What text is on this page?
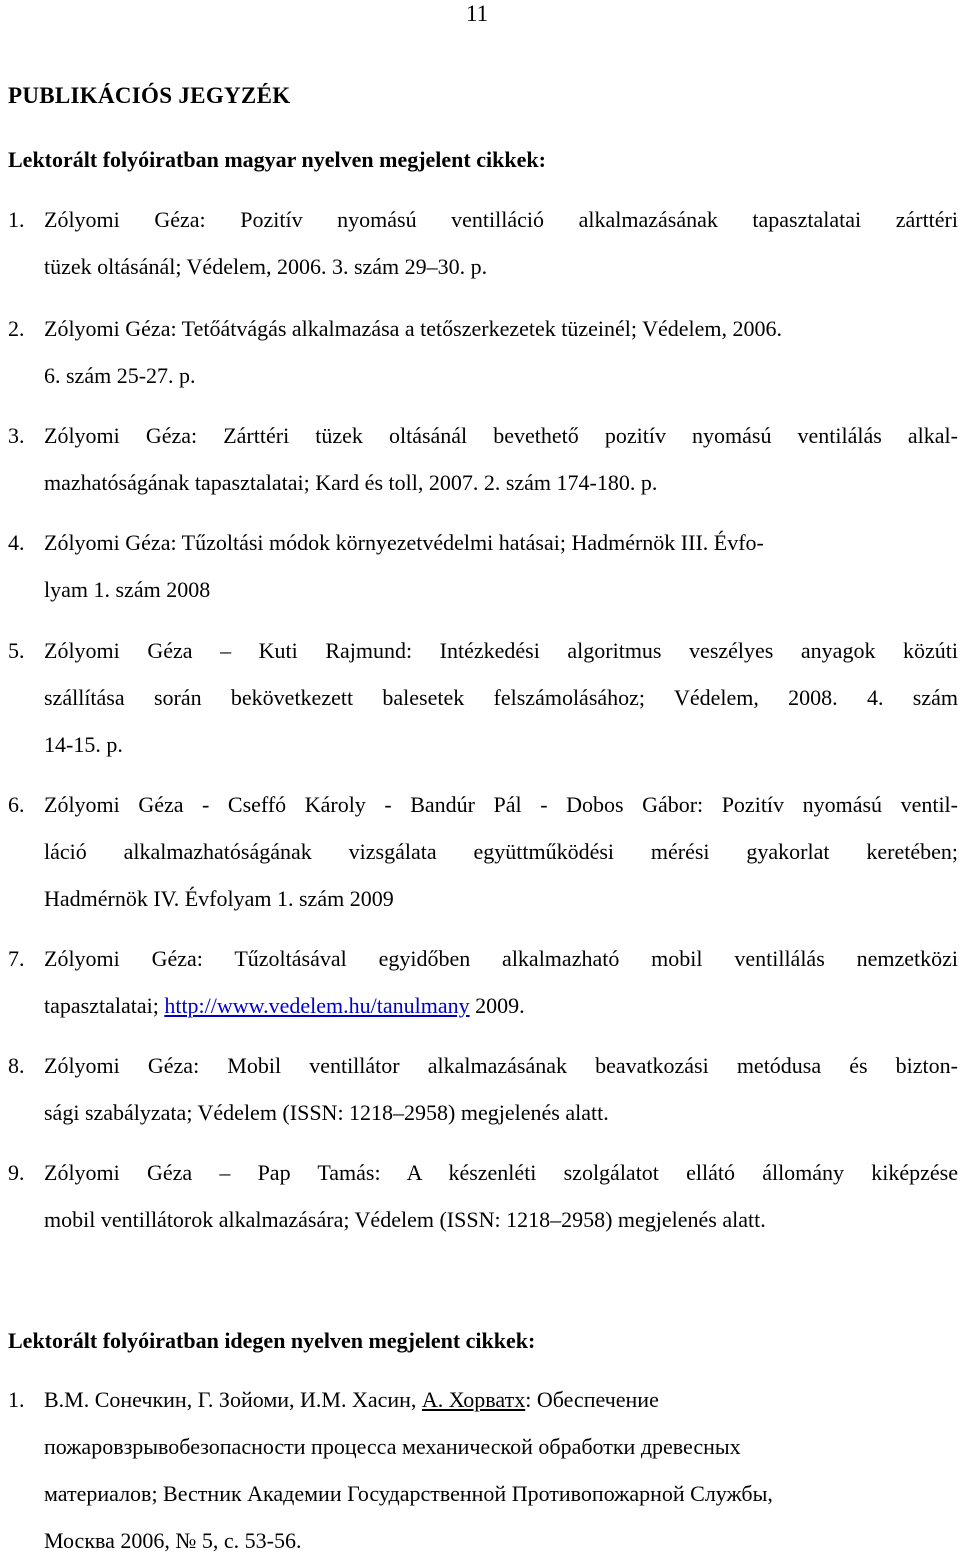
11
PUBLIKÁCIÓS JEGYZÉK
Lektorált folyóiratban magyar nyelven megjelent cikkek:
1. Zólyomi Géza: Pozitív nyomású ventilláció alkalmazásának tapasztalatai zárttéri
tüzek oltásánál; Védelem, 2006. 3. szám 29–30. p.
2. Zólyomi Géza: Tetőátvágás alkalmazása a tetőszerkezetek tüzeinél; Védelem, 2006.
6. szám 25-27. p.
3. Zólyomi Géza: Zárttéri tüzek oltásánál bevethető pozitív nyomású ventilálás alkal-
mazhatóságának tapasztalatai; Kard és toll, 2007. 2. szám 174-180. p.
4. Zólyomi Géza: Tűzoltási módok környezetvédelmi hatásai; Hadmérnök III. Évfo-
lyam 1. szám 2008
5. Zólyomi Géza – Kuti Rajmund: Intézkedési algoritmus veszélyes anyagok közúti
szállítása során bekövetkezett balesetek felszámolásához; Védelem, 2008. 4. szám
14-15. p.
6. Zólyomi Géza - Cseffó Károly - Bandúr Pál - Dobos Gábor: Pozitív nyomású ventil-
láció alkalmazhatóságának vizsgálata együttműködési mérési gyakorlat keretében;
Hadmérnök IV. Évfolyam 1. szám 2009
7. Zólyomi Géza: Tűzoltásával egyidőben alkalmazható mobil ventillálás nemzetközi
tapasztalatai; http://www.vedelem.hu/tanulmany 2009.
8. Zólyomi Géza: Mobil ventillátor alkalmazásának beavatkozási metódusa és bizton-
sági szabályzata; Védelem (ISSN: 1218–2958) megjelenés alatt.
9. Zólyomi Géza – Pap Tamás: A készenléti szolgálatot ellátó állomány kiképzése
mobil ventillátorok alkalmazására; Védelem (ISSN: 1218–2958) megjelenés alatt.
Lektorált folyóiratban idegen nyelven megjelent cikkek:
1. В.М. Сонечкин, Г. Зойоми, И.М. Хасин, А. Хорватх: Обеспечение
пожаровзрывобезопасности процесса механической обработки древесных
материалов; Вестник Академии Государственной Противопожарной Службы,
Москва 2006, № 5, с. 53-56.
